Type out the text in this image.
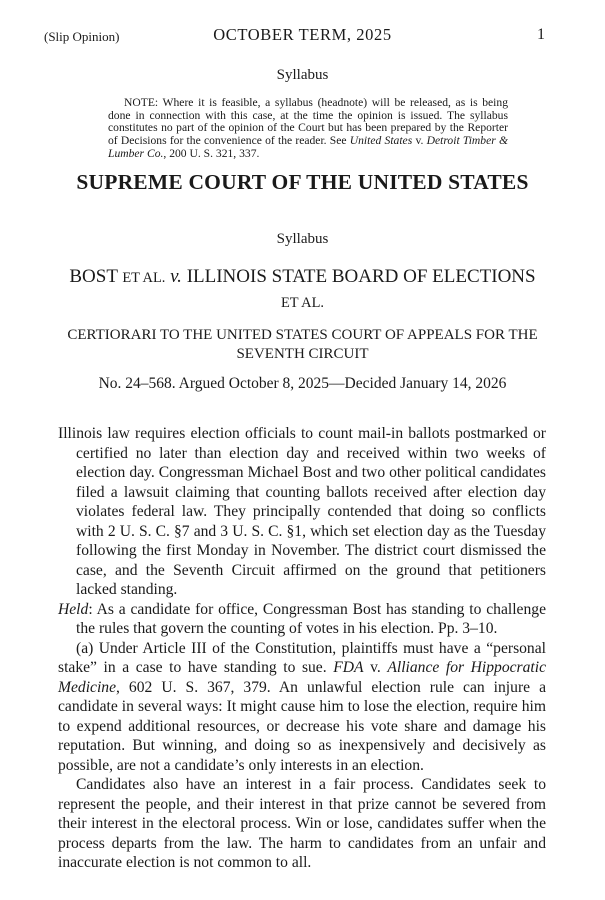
(Slip Opinion)	OCTOBER TERM, 2025	1
Syllabus

NOTE: Where it is feasible, a syllabus (headnote) will be released, as is being done in connection with this case, at the time the opinion is issued. The syllabus constitutes no part of the opinion of the Court but has been prepared by the Reporter of Decisions for the convenience of the reader. See United States v. Detroit Timber & Lumber Co., 200 U. S. 321, 337.

SUPREME COURT OF THE UNITED STATES
Syllabus
BOST ET AL. v. ILLINOIS STATE BOARD OF ELECTIONS ET AL.
CERTIORARI TO THE UNITED STATES COURT OF APPEALS FOR THE SEVENTH CIRCUIT
No. 24–568. Argued October 8, 2025—Decided January 14, 2026

Illinois law requires election officials to count mail-in ballots postmarked or certified no later than election day and received within two weeks of election day. Congressman Michael Bost and two other political candidates filed a lawsuit claiming that counting ballots received after election day violates federal law. They principally contended that doing so conflicts with 2 U. S. C. §7 and 3 U. S. C. §1, which set election day as the Tuesday following the first Monday in November. The district court dismissed the case, and the Seventh Circuit affirmed on the ground that petitioners lacked standing.

Held: As a candidate for office, Congressman Bost has standing to challenge the rules that govern the counting of votes in his election. Pp. 3–10.

(a) Under Article III of the Constitution, plaintiffs must have a “personal stake” in a case to have standing to sue. FDA v. Alliance for Hippocratic Medicine, 602 U. S. 367, 379. An unlawful election rule can injure a candidate in several ways: It might cause him to lose the election, require him to expend additional resources, or decrease his vote share and damage his reputation. But winning, and doing so as inexpensively and decisively as possible, are not a candidate’s only interests in an election.

Candidates also have an interest in a fair process. Candidates seek to represent the people, and their interest in that prize cannot be severed from their interest in the electoral process. Win or lose, candidates suffer when the process departs from the law. The harm to candidates from an unfair and inaccurate election is not common to all.
